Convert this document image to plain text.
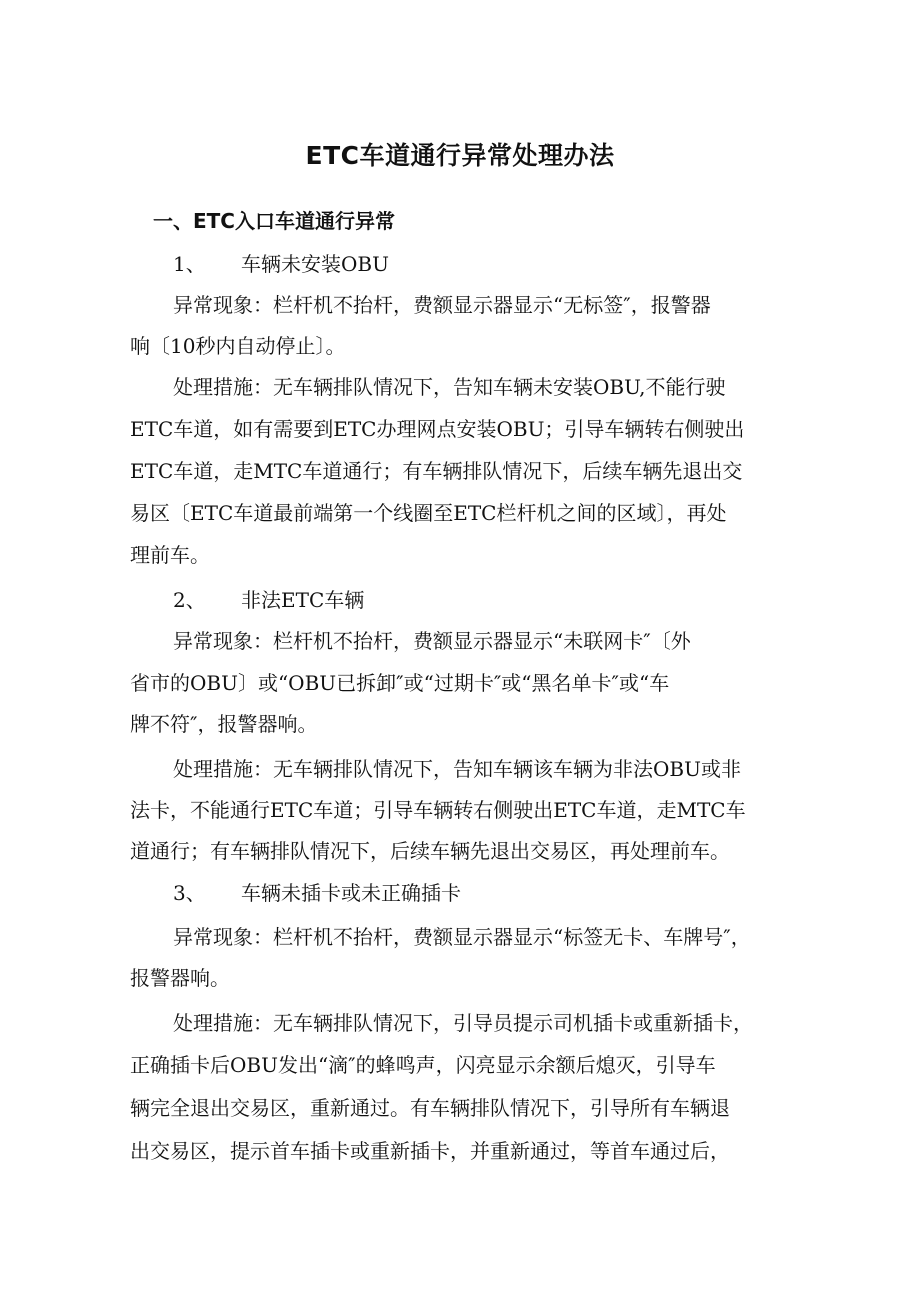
ETC车道通行异常处理办法
一、ETC入口车道通行异常
1、 车辆未安装OBU
异常现象：栏杆机不抬杆，费额显示器显示“无标签″，报警器
响〔10秒内自动停止〕。
处理措施：无车辆排队情况下，告知车辆未安装OBU,不能行驶
ETC车道，如有需要到ETC办理网点安装OBU；引导车辆转右侧驶出
ETC车道，走MTC车道通行；有车辆排队情况下，后续车辆先退出交
易区〔ETC车道最前端第一个线圈至ETC栏杆机之间的区域〕，再处
理前车。
2、 非法ETC车辆
异常现象：栏杆机不抬杆，费额显示器显示“未联网卡″〔外
省市的OBU〕或“OBU已拆卸″或“过期卡″或“黑名单卡″或“车
牌不符″，报警器响。
处理措施：无车辆排队情况下，告知车辆该车辆为非法OBU或非
法卡，不能通行ETC车道；引导车辆转右侧驶出ETC车道，走MTC车
道通行；有车辆排队情况下，后续车辆先退出交易区，再处理前车。
3、 车辆未插卡或未正确插卡
异常现象：栏杆机不抬杆，费额显示器显示“标签无卡、车牌号″，
报警器响。
处理措施：无车辆排队情况下，引导员提示司机插卡或重新插卡，
正确插卡后OBU发出“滴″的蜂鸣声，闪亮显示余额后熄灭，引导车
辆完全退出交易区，重新通过。有车辆排队情况下，引导所有车辆退
出交易区，提示首车插卡或重新插卡，并重新通过，等首车通过后，
